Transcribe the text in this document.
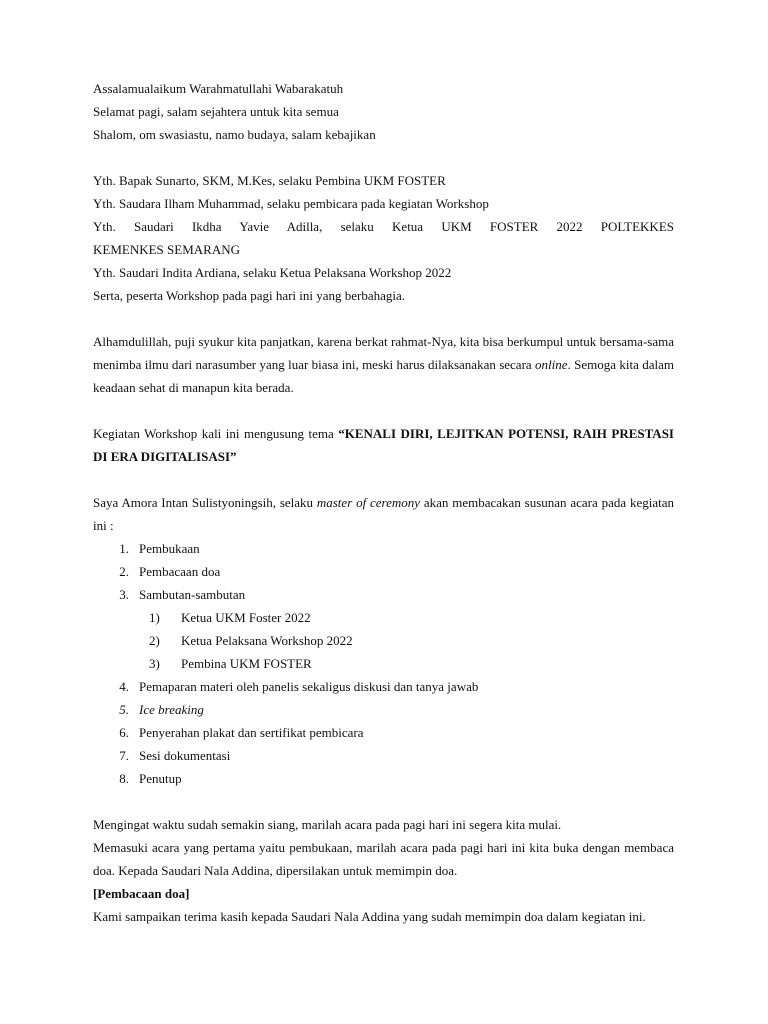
Assalamualaikum Warahmatullahi Wabarakatuh

Selamat pagi, salam sejahtera untuk kita semua

Shalom, om swasiastu, namo budaya, salam kebajikan

Yth. Bapak Sunarto, SKM, M.Kes, selaku Pembina UKM FOSTER

Yth. Saudara Ilham Muhammad, selaku pembicara pada kegiatan Workshop

Yth. Saudari Ikdha Yavie Adilla, selaku Ketua UKM FOSTER 2022 POLTEKKES

KEMENKES SEMARANG

Yth. Saudari Indita Ardiana, selaku Ketua Pelaksana Workshop 2022

Serta, peserta Workshop pada pagi hari ini yang berbahagia.

Alhamdulillah, puji syukur kita panjatkan, karena berkat rahmat-Nya, kita bisa berkumpul untuk bersama-sama menimba ilmu dari narasumber yang luar biasa ini, meski harus dilaksanakan secara online. Semoga kita dalam keadaan sehat di manapun kita berada.

Kegiatan Workshop kali ini mengusung tema “KENALI DIRI, LEJITKAN POTENSI, RAIH PRESTASI DI ERA DIGITALISASI”

Saya Amora Intan Sulistyoningsih, selaku master of ceremony akan membacakan susunan acara pada kegiatan ini :

1. Pembukaan
2. Pembacaan doa
3. Sambutan-sambutan
1)	Ketua UKM Foster 2022
2)	Ketua Pelaksana Workshop 2022
3)	Pembina UKM FOSTER
4. Pemaparan materi oleh panelis sekaligus diskusi dan tanya jawab
5. Ice breaking
6. Penyerahan plakat dan sertifikat pembicara
7. Sesi dokumentasi
8. Penutup

Mengingat waktu sudah semakin siang, marilah acara pada pagi hari ini segera kita mulai.

Memasuki acara yang pertama yaitu pembukaan, marilah acara pada pagi hari ini kita buka dengan membaca doa. Kepada Saudari Nala Addina, dipersilakan untuk memimpin doa.

[Pembacaan doa]

Kami sampaikan terima kasih kepada Saudari Nala Addina yang sudah memimpin doa dalam kegiatan ini.
